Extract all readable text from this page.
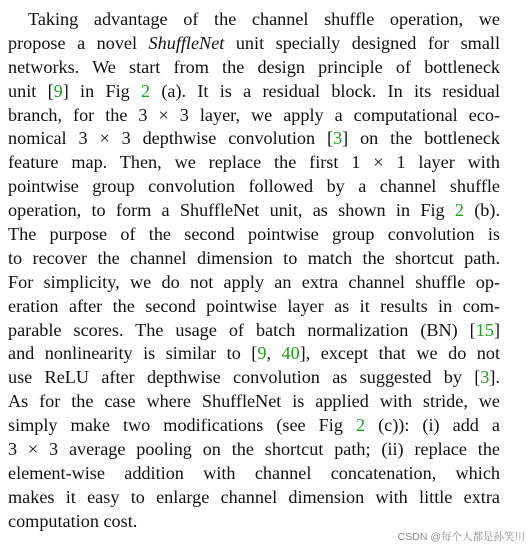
Taking advantage of the channel shuffle operation, we
propose a novel ShuffleNet unit specially designed for small
networks. We start from the design principle of bottleneck
unit [9] in Fig 2 (a). It is a residual block. In its residual
branch, for the 3 × 3 layer, we apply a computational eco-
nomical 3 × 3 depthwise convolution [3] on the bottleneck
feature map. Then, we replace the first 1 × 1 layer with
pointwise group convolution followed by a channel shuffle
operation, to form a ShuffleNet unit, as shown in Fig 2 (b).
The purpose of the second pointwise group convolution is
to recover the channel dimension to match the shortcut path.
For simplicity, we do not apply an extra channel shuffle op-
eration after the second pointwise layer as it results in com-
parable scores. The usage of batch normalization (BN) [15]
and nonlinearity is similar to [9, 40], except that we do not
use ReLU after depthwise convolution as suggested by [3].
As for the case where ShuffleNet is applied with stride, we
simply make two modifications (see Fig 2 (c)): (i) add a
3 × 3 average pooling on the shortcut path; (ii) replace the
element-wise addition with channel concatenation, which
makes it easy to enlarge channel dimension with little extra
computation cost.
CSDN @每个人都是孙笑川
